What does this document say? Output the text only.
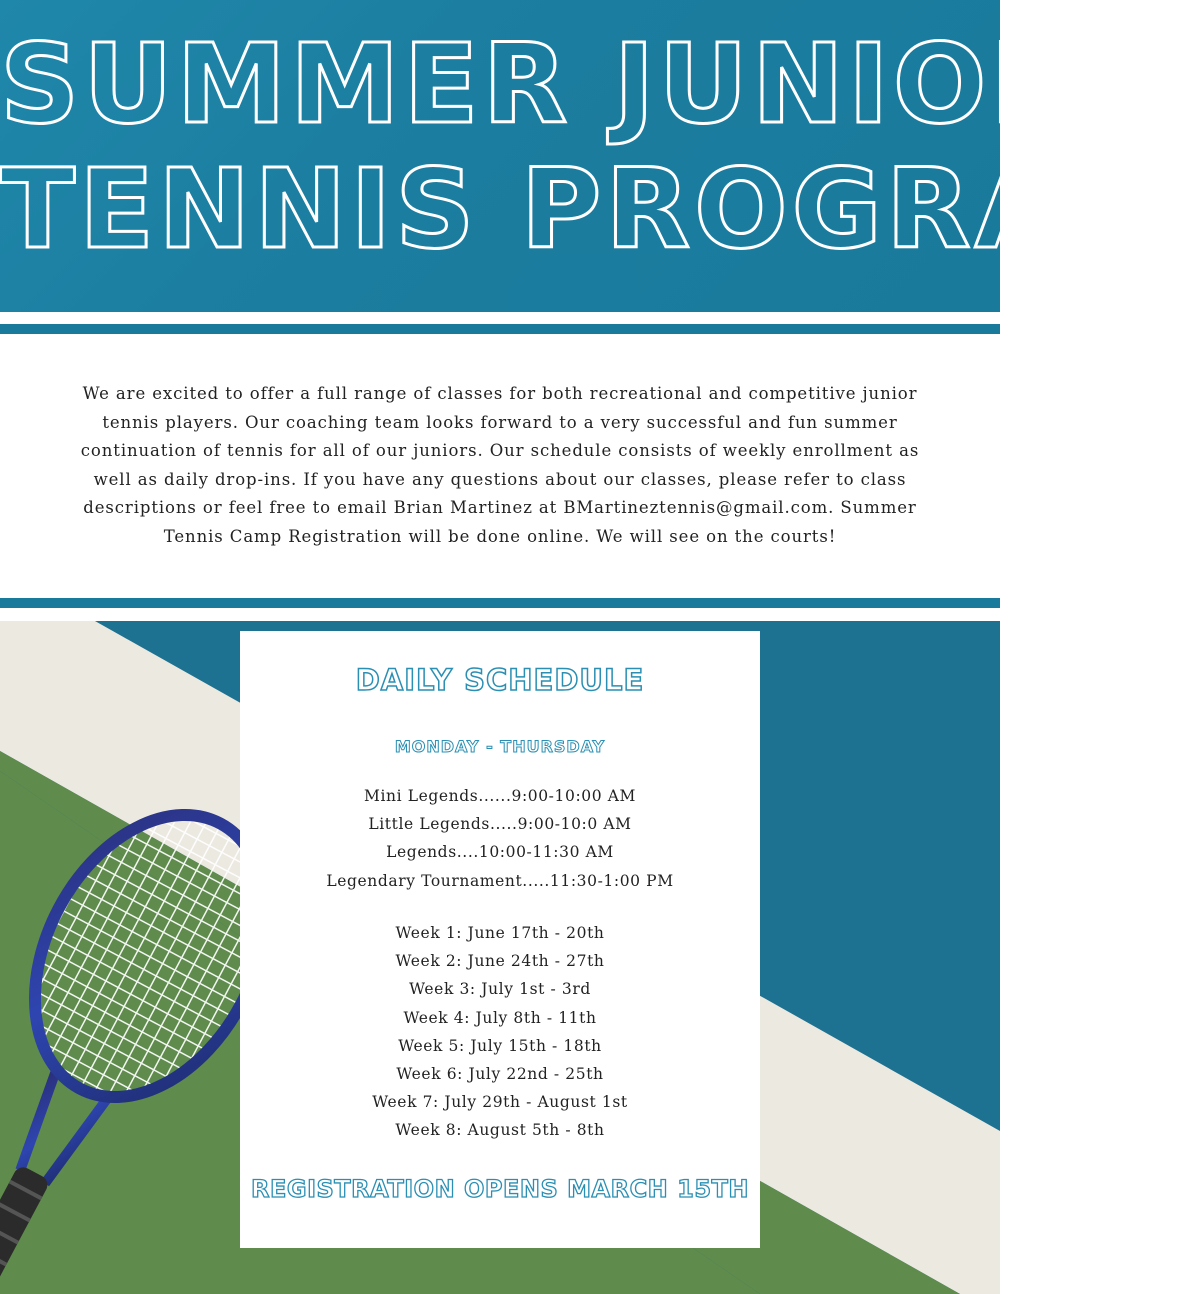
SUMMER JUNIOR
TENNIS PROGRAM

We are excited to offer a full range of classes for both recreational and competitive junior tennis players. Our coaching team looks forward to a very successful and fun summer continuation of tennis for all of our juniors. Our schedule consists of weekly enrollment as well as daily drop-ins. If you have any questions about our classes, please refer to class descriptions or feel free to email Brian Martinez at BMartineztennis@gmail.com. Summer Tennis Camp Registration will be done online. We will see on the courts!

DAILY SCHEDULE
MONDAY - THURSDAY
Mini Legends......9:00-10:00 AM
Little Legends.....9:00-10:0 AM
Legends....10:00-11:30 AM
Legendary Tournament.....11:30-1:00 PM
Week 1: June 17th - 20th
Week 2: June 24th - 27th
Week 3: July 1st - 3rd
Week 4: July 8th - 11th
Week 5: July 15th - 18th
Week 6: July 22nd - 25th
Week 7: July 29th - August 1st
Week 8: August 5th - 8th
REGISTRATION OPENS MARCH 15TH
